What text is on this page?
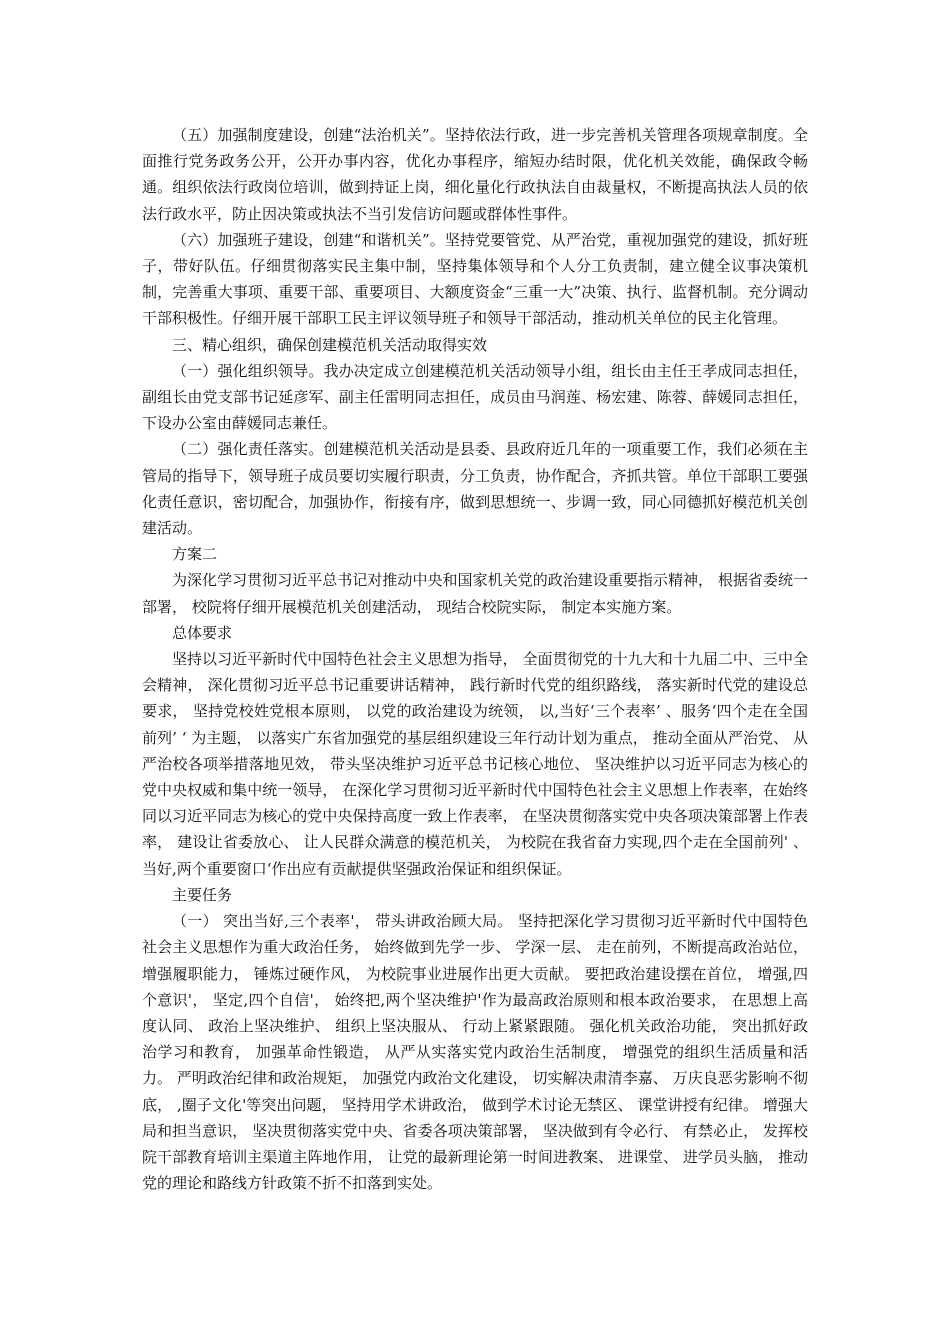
（五）加强制度建设，创建“法治机关”。坚持依法行政，进一步完善机关管理各项规章制度。全面推行党务政务公开，公开办事内容，优化办事程序，缩短办结时限，优化机关效能，确保政令畅通。组织依法行政岗位培训，做到持证上岗，细化量化行政执法自由裁量权，不断提高执法人员的依法行政水平，防止因决策或执法不当引发信访问题或群体性事件。

（六）加强班子建设，创建“和谐机关”。坚持党要管党、从严治党，重视加强党的建设，抓好班子，带好队伍。仔细贯彻落实民主集中制，坚持集体领导和个人分工负责制，建立健全议事决策机制，完善重大事项、重要干部、重要项目、大额度资金“三重一大”决策、执行、监督机制。充分调动干部积极性。仔细开展干部职工民主评议领导班子和领导干部活动，推动机关单位的民主化管理。

三、精心组织，确保创建模范机关活动取得实效

（一）强化组织领导。我办决定成立创建模范机关活动领导小组，组长由主任王孝成同志担任，副组长由党支部书记延彦军、副主任雷明同志担任，成员由马润莲、杨宏建、陈蓉、薛媛同志担任，下设办公室由薛媛同志兼任。

（二）强化责任落实。创建模范机关活动是县委、县政府近几年的一项重要工作，我们必须在主管局的指导下，领导班子成员要切实履行职责，分工负责，协作配合，齐抓共管。单位干部职工要强化责任意识，密切配合，加强协作，衔接有序，做到思想统一、步调一致，同心同德抓好模范机关创建活动。

方案二

为深化学习贯彻习近平总书记对推动中央和国家机关党的政治建设重要指示精神， 根据省委统一部署， 校院将仔细开展模范机关创建活动， 现结合校院实际， 制定本实施方案。

总体要求

坚持以习近平新时代中国特色社会主义思想为指导， 全面贯彻党的十九大和十九届二中、三中全会精神， 深化贯彻习近平总书记重要讲话精神， 践行新时代党的组织路线， 落实新时代党的建设总要求， 坚持党校姓党根本原则， 以党的政治建设为统领， 以,当好‘三个表率’ 、服务‘四个走在全国前列’ ‘ 为主题， 以落实广东省加强党的基层组织建设三年行动计划为重点， 推动全面从严治党、 从严治校各项举措落地见效， 带头坚决维护习近平总书记核心地位、 坚决维护以习近平同志为核心的党中央权威和集中统一领导， 在深化学习贯彻习近平新时代中国特色社会主义思想上作表率，在始终同以习近平同志为核心的党中央保持高度一致上作表率， 在坚决贯彻落实党中央各项决策部署上作表率， 建设让省委放心、 让人民群众满意的模范机关， 为校院在我省奋力实现,四个走在全国前列' 、 当好,两个重要窗口‘作出应有贡献提供坚强政治保证和组织保证。

主要任务

（一） 突出当好,三个表率'， 带头讲政治顾大局。 坚持把深化学习贯彻习近平新时代中国特色社会主义思想作为重大政治任务， 始终做到先学一步、 学深一层、 走在前列，不断提高政治站位， 增强履职能力， 锤炼过硬作风， 为校院事业进展作出更大贡献。 要把政治建设摆在首位， 增强,四个意识'， 坚定,四个自信'， 始终把,两个坚决维护'作为最高政治原则和根本政治要求， 在思想上高度认同、 政治上坚决维护、 组织上坚决服从、 行动上紧紧跟随。 强化机关政治功能， 突出抓好政治学习和教育， 加强革命性锻造， 从严从实落实党内政治生活制度， 增强党的组织生活质量和活力。 严明政治纪律和政治规矩， 加强党内政治文化建设， 切实解决肃清李嘉、 万庆良恶劣影响不彻底， ,圈子文化'等突出问题， 坚持用学术讲政治， 做到学术讨论无禁区、 课堂讲授有纪律。 增强大局和担当意识， 坚决贯彻落实党中央、省委各项决策部署， 坚决做到有令必行、 有禁必止， 发挥校院干部教育培训主渠道主阵地作用， 让党的最新理论第一时间进教案、 进课堂、 进学员头脑， 推动党的理论和路线方针政策不折不扣落到实处。
